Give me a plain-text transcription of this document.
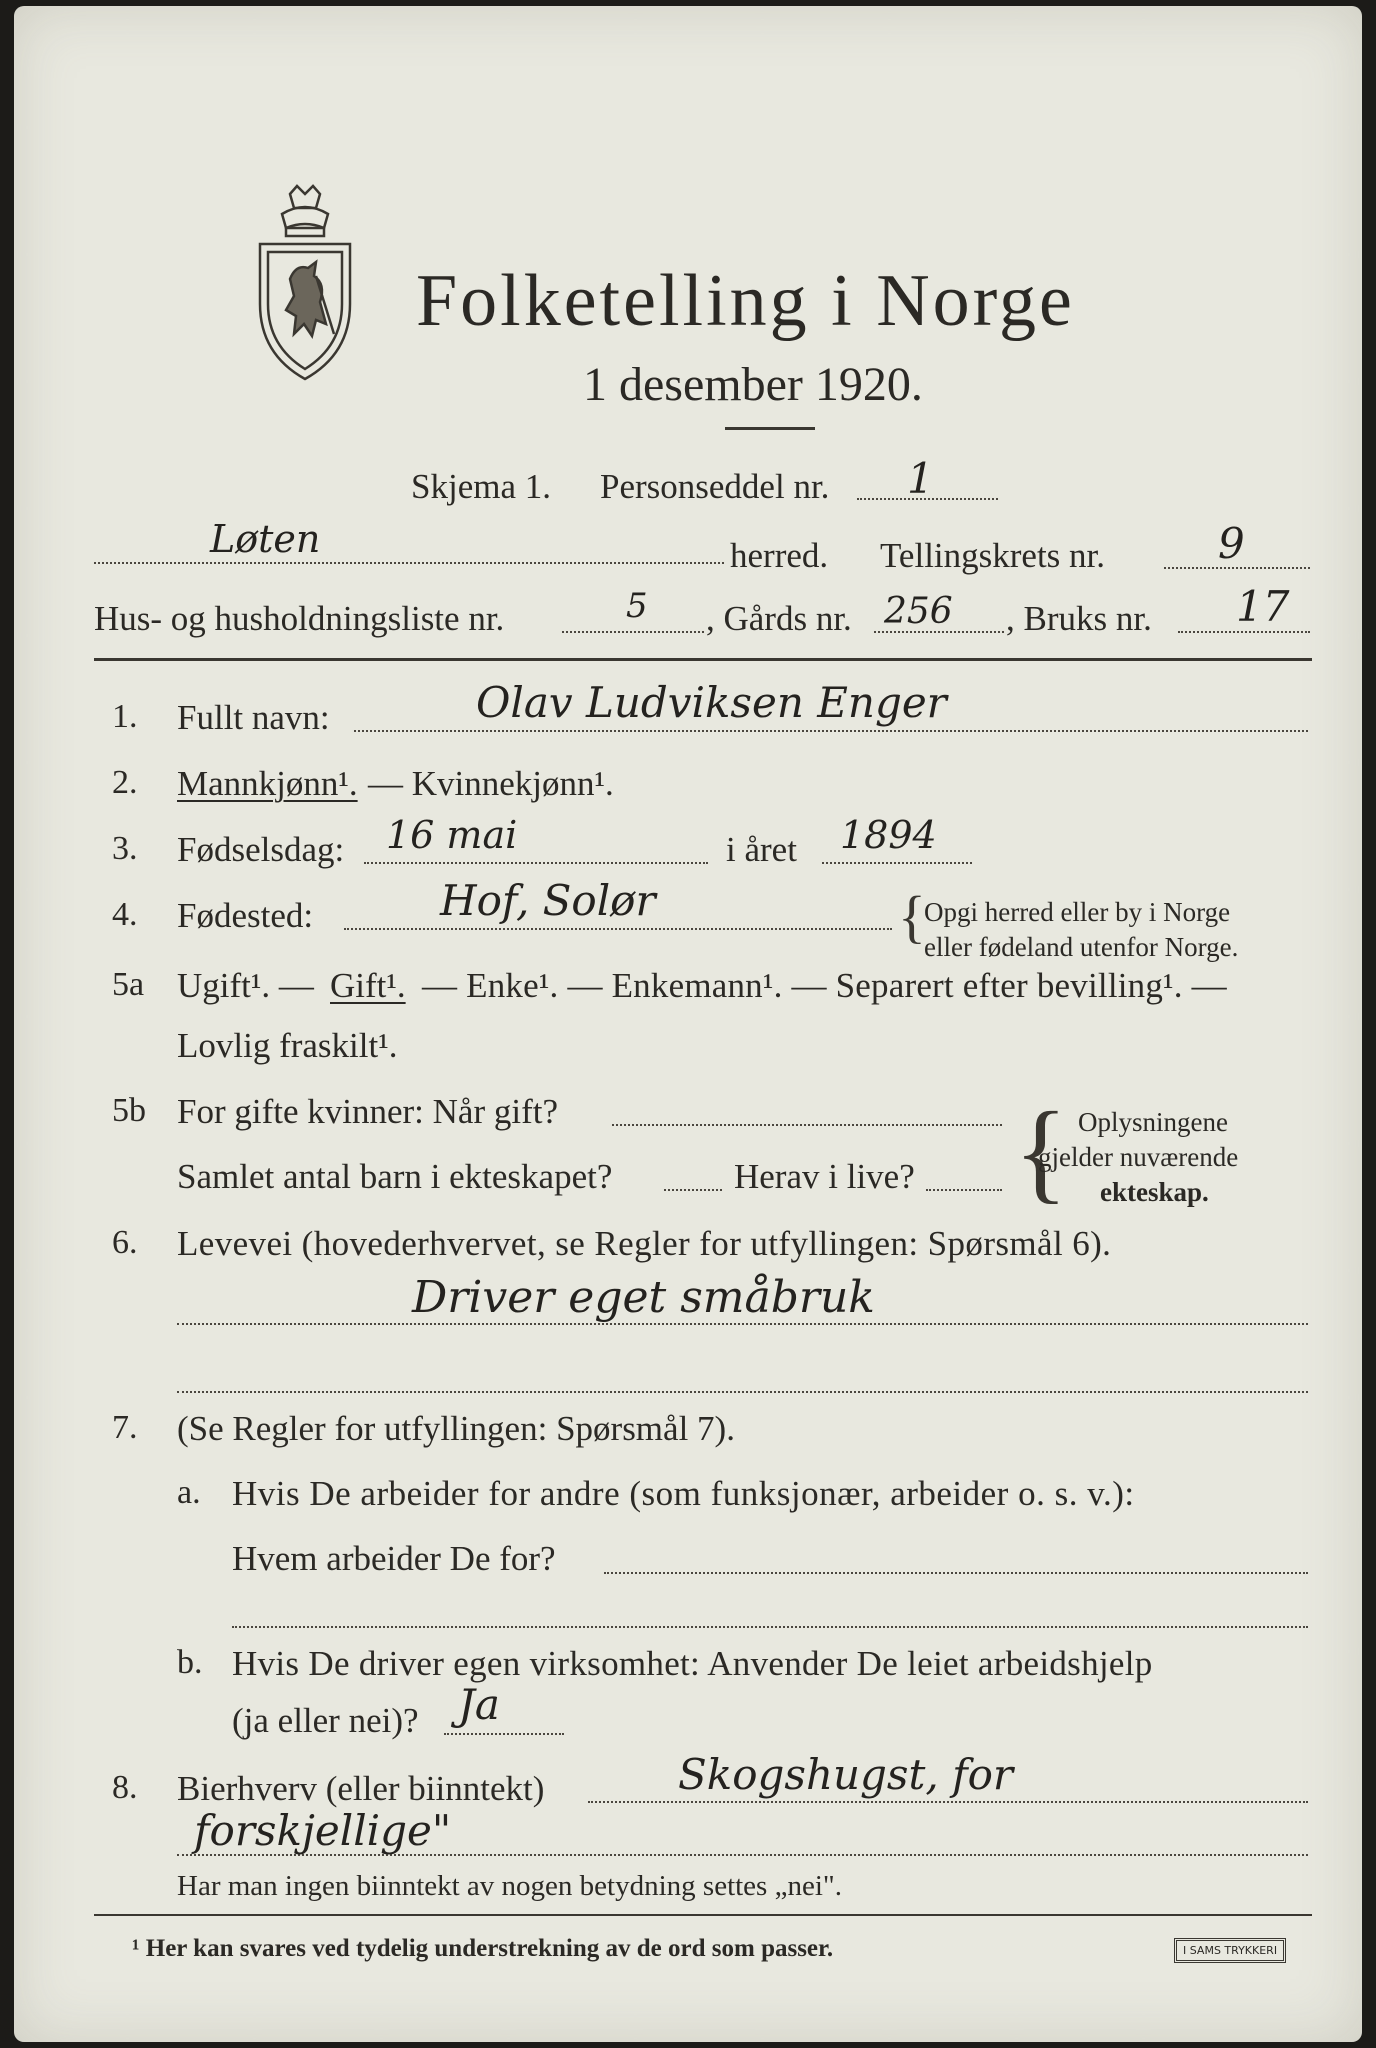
Folketelling i Norge
1 desember 1920.
Skjema 1. Personseddel nr. 1
Løten	herred. Tellingskrets nr.	9
Hus- og husholdningsliste nr.	5 , Gårds nr. 256 , Bruks nr. 17
1. Fullt navn:	Olav Ludviksen Enger
2. Mannkjønn¹. — Kvinnekjønn¹.
3. Fødselsdag: 16 mai	i året 1894
4. Fødested:	Hof, Solør	{
Opgi herred eller by i Norge
eller fødeland utenfor Norge.
5a Ugift¹. — Gift¹. — Enke¹. — Enkemann¹. — Separert efter bevilling¹. —
Lovlig fraskilt¹.
5b For gifte kvinner: Når gift?
Samlet antal barn i ekteskapet?	Herav i live? { Oplysningene
gjelder nuværende
ekteskap.
6. Levevei (hovederhvervet, se Regler for utfyllingen: Spørsmål 6).
Driver eget småbruk
7. (Se Regler for utfyllingen: Spørsmål 7).
a. Hvis De arbeider for andre (som funksjonær, arbeider o. s. v.):
Hvem arbeider De for?
b. Hvis De driver egen virksomhet: Anvender De leiet arbeidshjelp
(ja eller nei)? Ja
8. Bierhverv (eller biinntekt)	Skogshugst, for
forskjellige"
Har man ingen biinntekt av nogen betydning settes „nei".
¹ Her kan svares ved tydelig understrekning av de ord som passer.	I SAMS TRYKKERI
